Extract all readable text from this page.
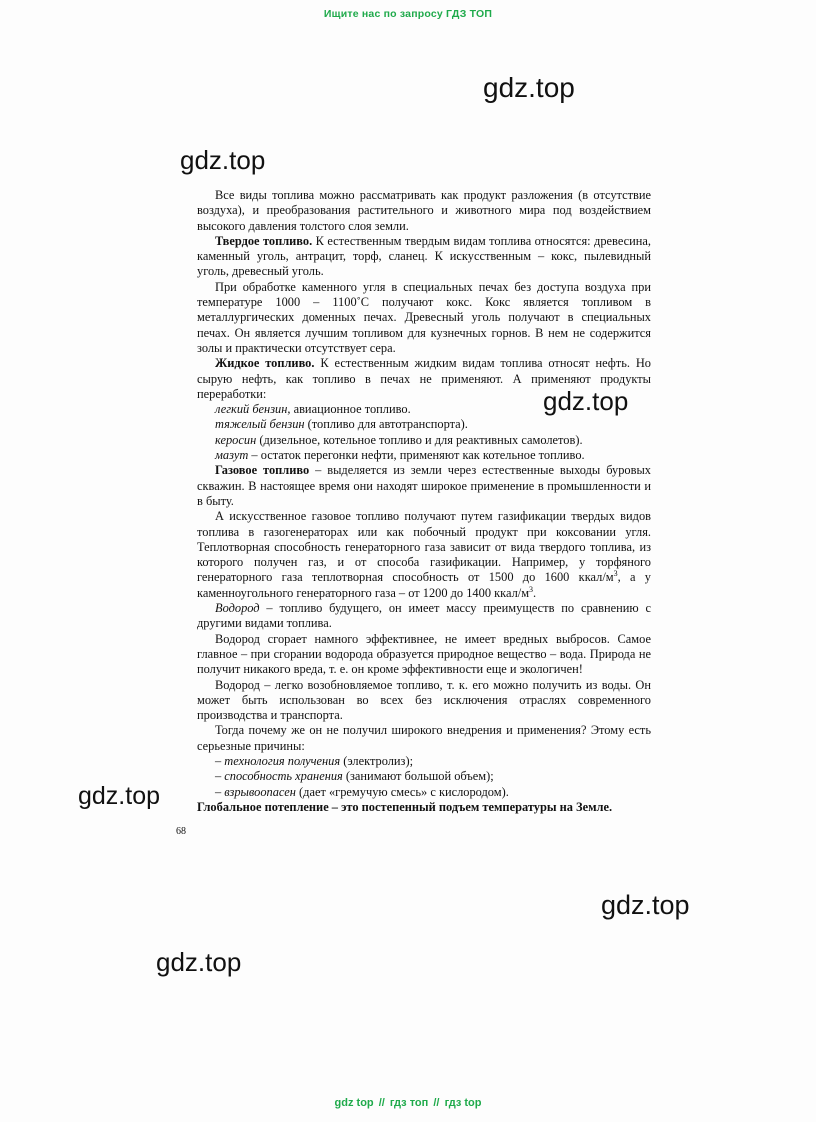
Ищите нас по запросу ГДЗ ТОП
gdz.top
gdz.top
gdz.top
gdz.top
gdz.top
gdz.top

Все виды топлива можно рассматривать как продукт разложения (в отсутствие воздуха), и преобразования растительного и животного мира под воздействием высокого давления толстого слоя земли.

Твердое топливо. К естественным твердым видам топлива относятся: древесина, каменный уголь, антрацит, торф, сланец. К искусственным – кокс, пылевидный уголь, древесный уголь.

При обработке каменного угля в специальных печах без доступа воздуха при температуре 1000 – 1100˚С получают кокс. Кокс является топливом в металлургических доменных печах. Древесный уголь получают в специальных печах. Он является лучшим топливом для кузнечных горнов. В нем не содержится золы и практически отсутствует сера.

Жидкое топливо. К естественным жидким видам топлива относят нефть. Но сырую нефть, как топливо в печах не применяют. А применяют продукты переработки:

легкий бензин, авиационное топливо.

тяжелый бензин (топливо для автотранспорта).

керосин (дизельное, котельное топливо и для реактивных самолетов).

мазут – остаток перегонки нефти, применяют как котельное топливо.

Газовое топливо – выделяется из земли через естественные выходы буровых скважин. В настоящее время они находят широкое применение в промышленности и в быту.

А искусственное газовое топливо получают путем газификации твердых видов топлива в газогенераторах или как побочный продукт при коксовании угля. Теплотворная способность генераторного газа зависит от вида твердого топлива, из которого получен газ, и от способа газификации. Например, у торфяного генераторного газа теплотворная способность от 1500 до 1600 ккал/$м^3$, а у каменноугольного генераторного газа – от 1200 до 1400 ккал/$м^3$.

Водород – топливо будущего, он имеет массу преимуществ по сравнению с другими видами топлива.

Водород сгорает намного эффективнее, не имеет вредных выбросов. Самое главное – при сгорании водорода образуется природное вещество – вода. Природа не получит никакого вреда, т. е. он кроме эффективности еще и экологичен!

Водород – легко возобновляемое топливо, т. к. его можно получить из воды. Он может быть использован во всех без исключения отраслях современного производства и транспорта.

Тогда почему же он не получил широкого внедрения и применения? Этому есть серьезные причины:

– технология получения (электролиз);

– способность хранения (занимают большой объем);

– взрывоопасен (дает «гремучую смесь» с кислородом).

Глобальное потепление – это постепенный подъем температуры на Земле.

68
gdz top // гдз топ // гдз top
